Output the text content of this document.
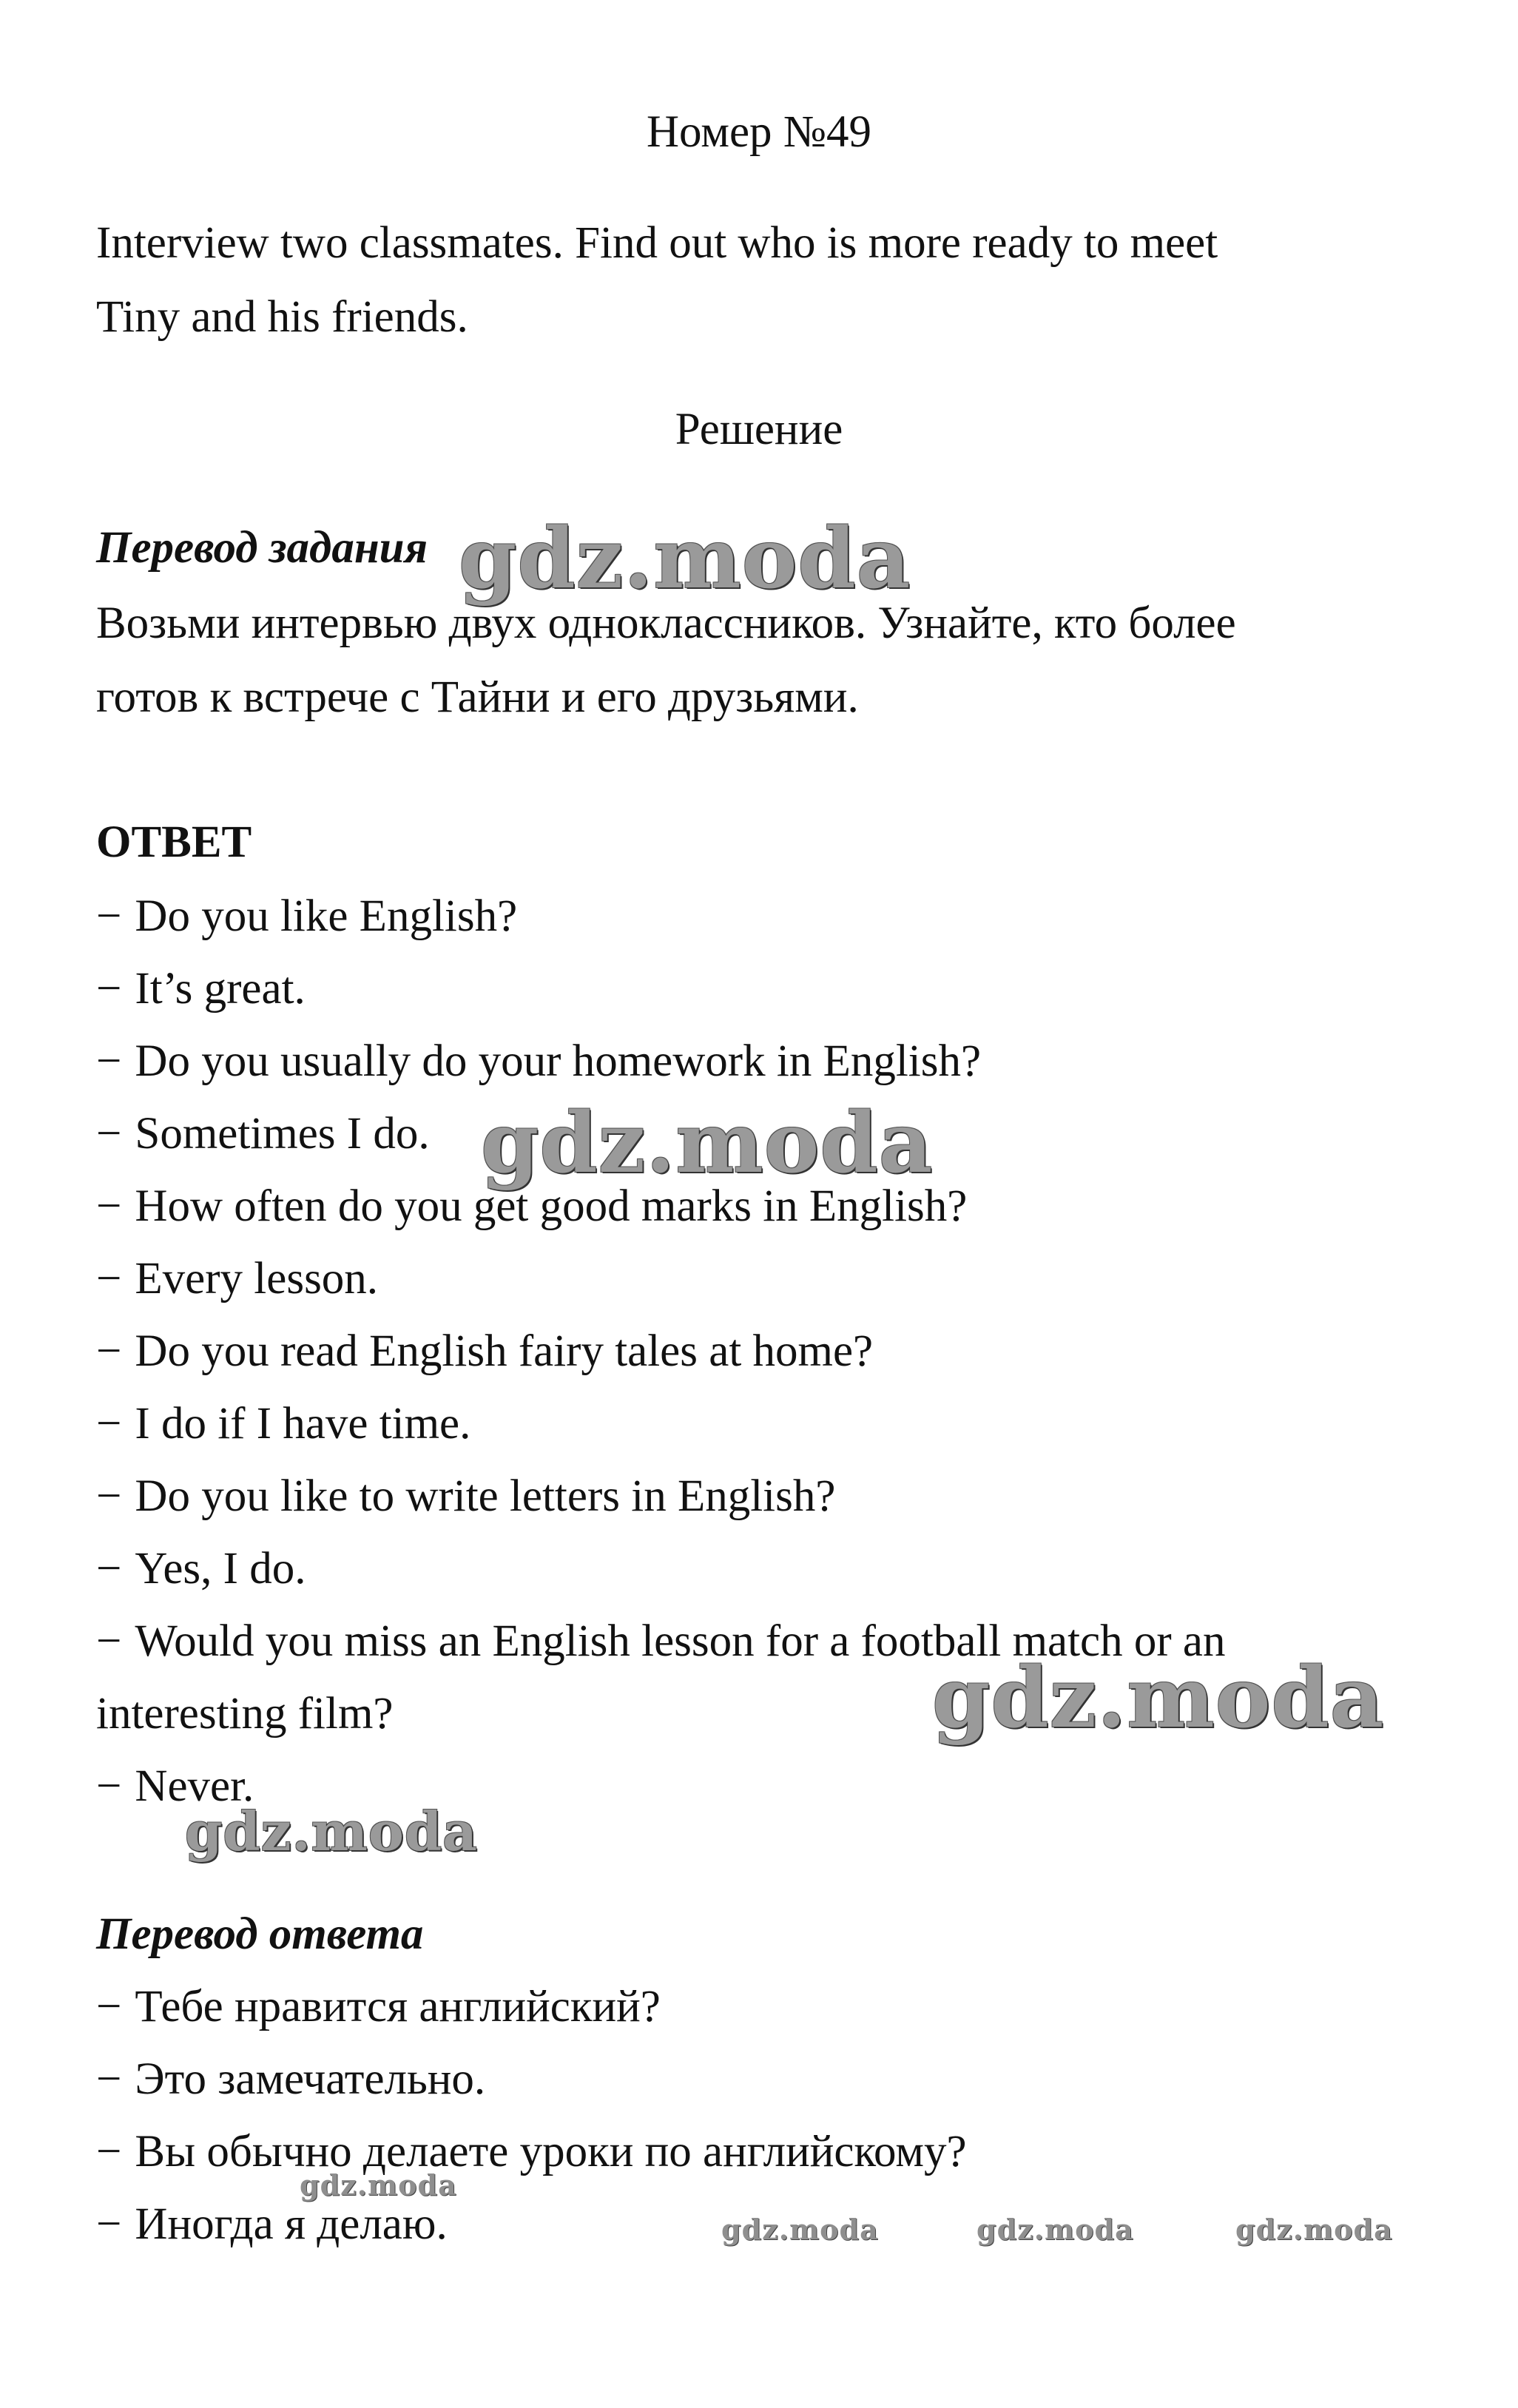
Номер №49
Interview two classmates. Find out who is more ready to meet
Tiny and his friends.
Решение
Перевод задания
Возьми интервью двух одноклассников. Узнайте, кто более
готов к встрече с Тайни и его друзьями.
ОТВЕТ
− Do you like English?
− It’s great.
− Do you usually do your homework in English?
− Sometimes I do.
− How often do you get good marks in English?
− Every lesson.
− Do you read English fairy tales at home?
− I do if I have time.
− Do you like to write letters in English?
− Yes, I do.
− Would you miss an English lesson for a football match or an
interesting film?
− Never.
Перевод ответа
− Тебе нравится английский?
− Это замечательно.
− Вы обычно делаете уроки по английскому?
− Иногда я делаю.
gdz.moda
gdz.moda
gdz.moda
gdz.moda
gdz.moda
gdz.moda	gdz.moda	gdz.moda
